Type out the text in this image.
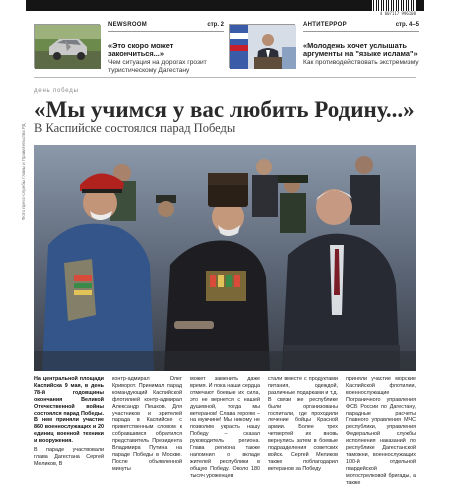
4 607117 996108
NEWSROOM	стр. 2
«Это скоро может закончиться...»
Чем ситуация на дорогах грозит туристическому Дагестану
АНТИТЕРРОР	стр. 4–5
«Молодежь хочет услышать аргументы на "языке ислама"»
Как противодействовать экстремизму
день победы
«Мы учимся у вас любить Родину...»
В Каспийске состоялся парад Победы
Фото пресс-службы Главы и Правительства РД

На центральной площади Каспийска 9 мая, в день 78-й годовщины окончания Великой Отечественной войны состоялся парад Победы. В нем приняли участие 860 военнослужащих и 20 единиц военной техники и вооружения.

В параде участвовали глава Дагестана Сергей Меликов, В

контр-адмирал Олег Криворот. Принимал парад командующий Каспийской флотилией контр-адмирал Александр Пешков. Для участников и зрителей парада в Каспийске с приветственным словом к собравшимся обратился представитель Президента Владимира Путина на параде Победы в Москве. После объявленной минуты

может заменить даже время. И пока наши сердца отмечают боевые их сила, это не вернется с нашей душевной, тогда мы ветеранов! Слава героям – на мужчине! Мы никому не позволим украсть нашу Победу – сказал руководитель региона. Глава региона также напомнил о вкладе жителей республики в общую Победу. Около 180 тысяч уроженцев

стали вместе с продуктами питания, одеждой, различные подарками и т.д. В связи же республике были организованы госпитали, где проходили лечение бойцы Красной армии. Более трех четвертей их вновь вернулись затем в боевые подразделения советских войск. Сергей Меликов также поблагодарил ветеранов за Победу

приняли участие морские Каспийской флотилии, военнослужащие Пограничного управления ФСБ России по Дагестану, парадные расчеты Главного управления МЧС республики, управления Федеральной службы исполнения наказаний по республике Дагестанской таможни, военнослужащих 100-й отдельной гвардейской мотострелковой бригады, а также
